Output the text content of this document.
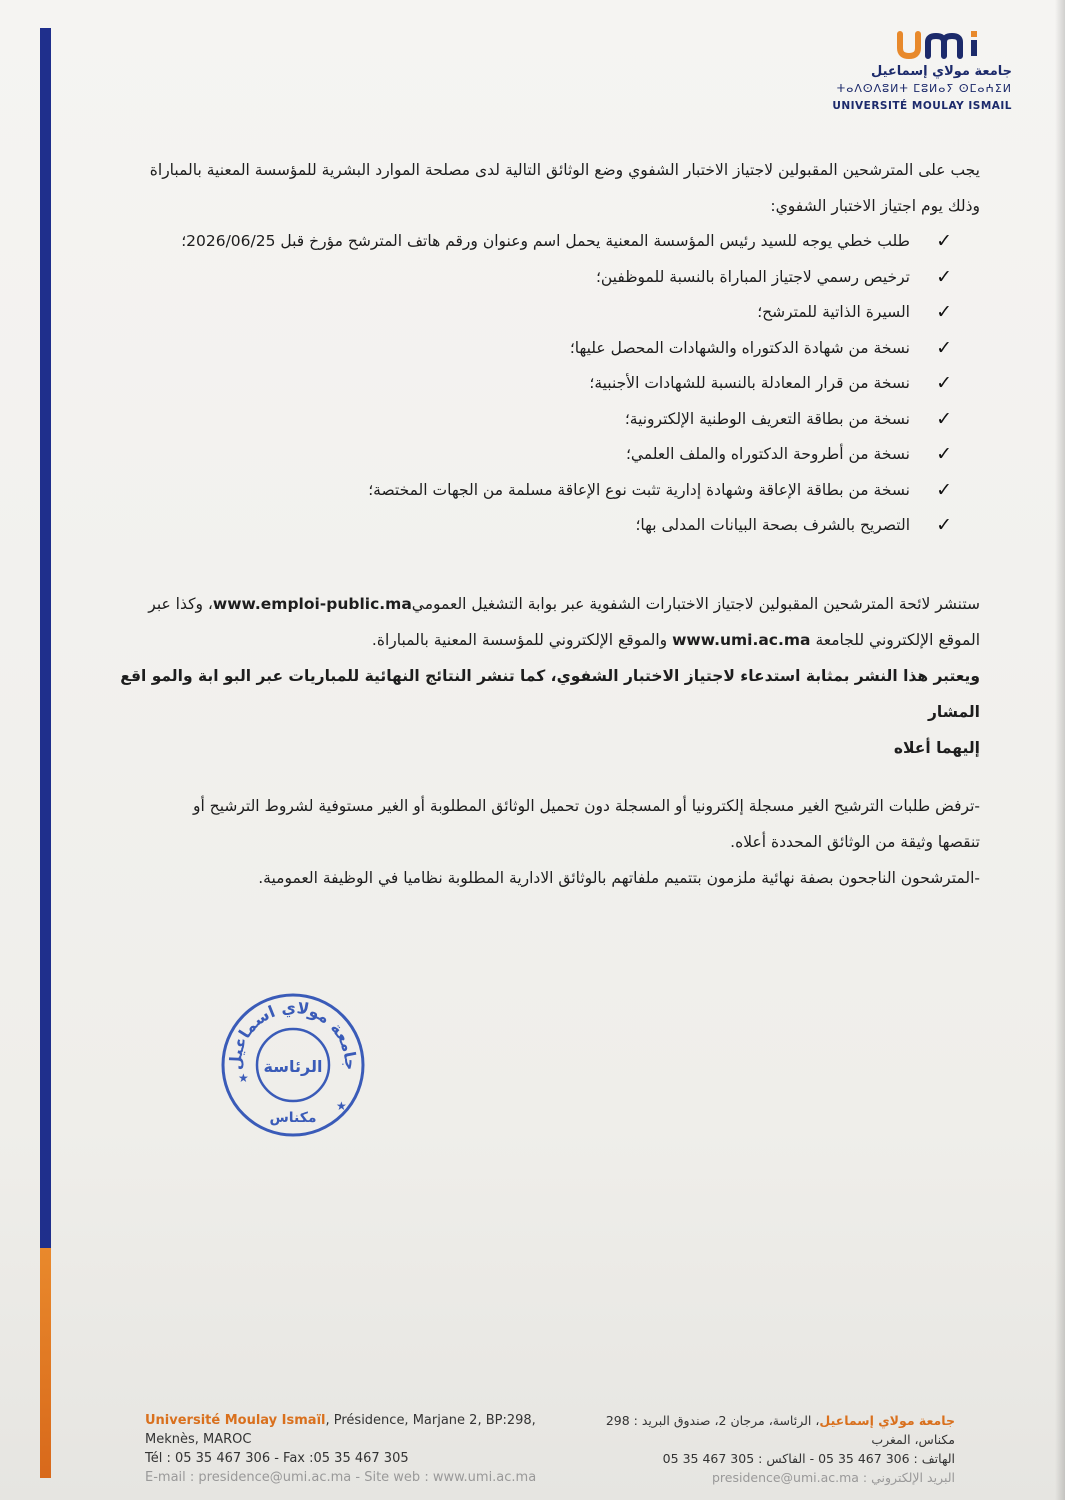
جامعة مولاي إسماعيل
ⵜⴰⴷⵙⴷⵓⵍⵜ ⵎⵓⵍⴰⵢ ⵙⵎⴰⵄⵉⵍ
UNIVERSITÉ MOULAY ISMAIL

يجب على المترشحين المقبولين لاجتياز الاختبار الشفوي وضع الوثائق التالية لدى مصلحة الموارد البشرية للمؤسسة المعنية بالمباراة

وذلك يوم اجتياز الاختبار الشفوي:

✓
طلب خطي يوجه للسيد رئيس المؤسسة المعنية يحمل اسم وعنوان ورقم هاتف المترشح مؤرخ قبل 2026/06/25؛
✓
ترخيص رسمي لاجتياز المباراة بالنسبة للموظفين؛
✓
السيرة الذاتية للمترشح؛
✓
نسخة من شهادة الدكتوراه والشهادات المحصل عليها؛
✓
نسخة من قرار المعادلة بالنسبة للشهادات الأجنبية؛
✓
نسخة من بطاقة التعريف الوطنية الإلكترونية؛
✓
نسخة من أطروحة الدكتوراه والملف العلمي؛
✓
نسخة من بطاقة الإعاقة وشهادة إدارية تثبت نوع الإعاقة مسلمة من الجهات المختصة؛
✓
التصريح بالشرف بصحة البيانات المدلى بها؛

ستنشر لائحة المترشحين المقبولين لاجتياز الاختبارات الشفوية عبر بوابة التشغيل العموميwww.emploi-public.ma، وكذا عبر

الموقع الإلكتروني للجامعة www.umi.ac.ma والموقع الإلكتروني للمؤسسة المعنية بالمباراة.

ويعتبر هذا النشر بمثابة استدعاء لاجتياز الاختبار الشفوي، كما تنشر النتائج النهائية للمباريات عبر البو ابة والمو اقع المشار

إليهما أعلاه

-ترفض طلبات الترشيح الغير مسجلة إلكترونيا أو المسجلة دون تحميل الوثائق المطلوبة أو الغير مستوفية لشروط الترشيح أو

تنقصها وثيقة من الوثائق المحددة أعلاه.

-المترشحون الناجحون بصفة نهائية ملزمون بتتميم ملفاتهم بالوثائق الادارية المطلوبة نظاميا في الوظيفة العمومية.

جامعة مولاي اسماعيل
الرئاسة
مكناس
★
★
Université Moulay Ismaïl, Présidence, Marjane 2, BP:298,
Meknès, MAROC
Tél : 05 35 467 306 - Fax :05 35 467 305
E-mail : presidence@umi.ac.ma - Site web : www.umi.ac.ma
جامعة مولاي إسماعيل، الرئاسة، مرجان 2، صندوق البريد : 298
مكناس، المغرب
الهاتف : 306 467 35 05 - الفاكس : 305 467 35 05
البريد الإلكتروني : presidence@umi.ac.ma
